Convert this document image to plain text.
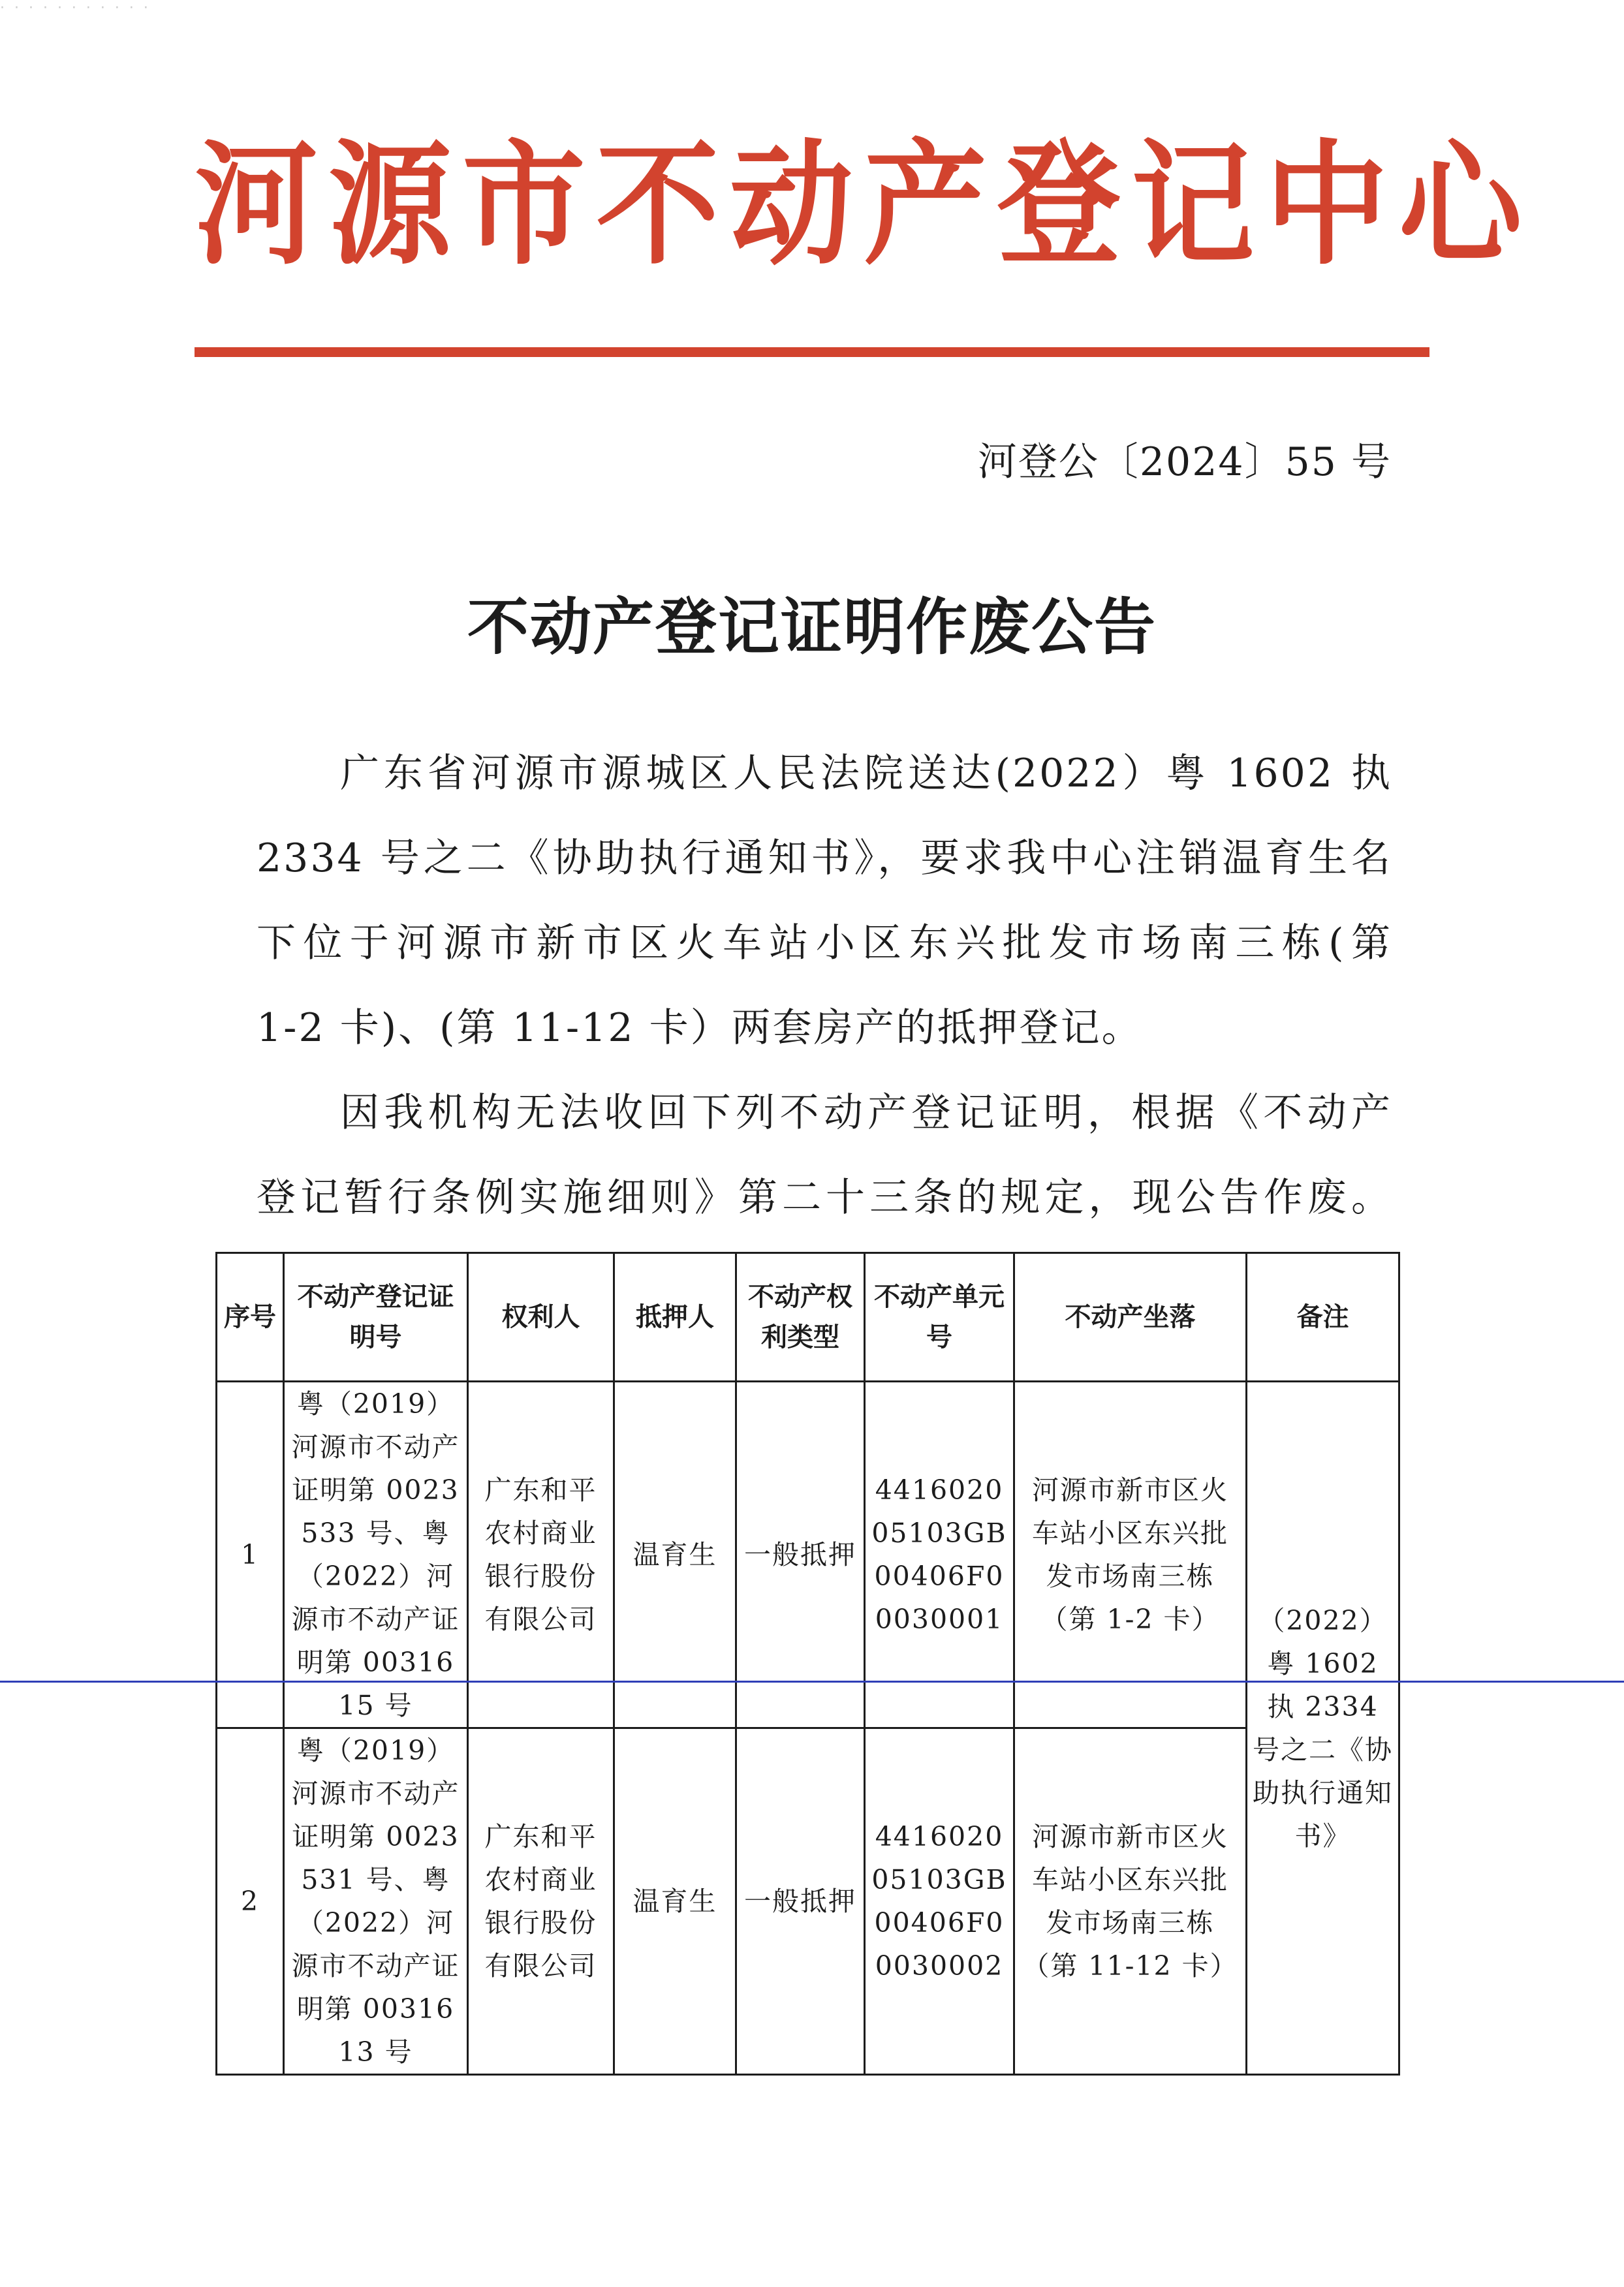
· · · · · · · · · · ·
河 源 市 不 动 产 登 记 中 心
河登公〔2024〕55 号
不动产登记证明作废公告
广东省河源市源城区人民法院送达(2022）粤 1602 执
2334 号之二《协助执行通知书》，要求我中心注销温育生名
下位于河源市新市区火车站小区东兴批发市场南三栋(第
1-2 卡)、(第 11-12 卡）两套房产的抵押登记。
因我机构无法收回下列不动产登记证明，根据《不动产
登记暂行条例实施细则》第二十三条的规定，现公告作废。
序号	不动产登记证明号	权利人	抵押人	不动产权利类型	不动产单元号	不动产坐落	备注
1	粤（2019）河源市不动产证明第 0023533 号、粤（2022）河源市不动产证明第 0031615 号	广东和平农村商业银行股份有限公司	温育生	一般抵押	441602005103GB00406F00030001	河源市新市区火车站小区东兴批发市场南三栋（第 1-2 卡）	（2022）粤 1602 执 2334 号之二《协助执行通知书》
2	粤（2019）河源市不动产证明第 0023531 号、粤（2022）河源市不动产证明第 0031613 号	广东和平农村商业银行股份有限公司	温育生	一般抵押	441602005103GB00406F00030002	河源市新市区火车站小区东兴批发市场南三栋（第 11-12 卡）	
